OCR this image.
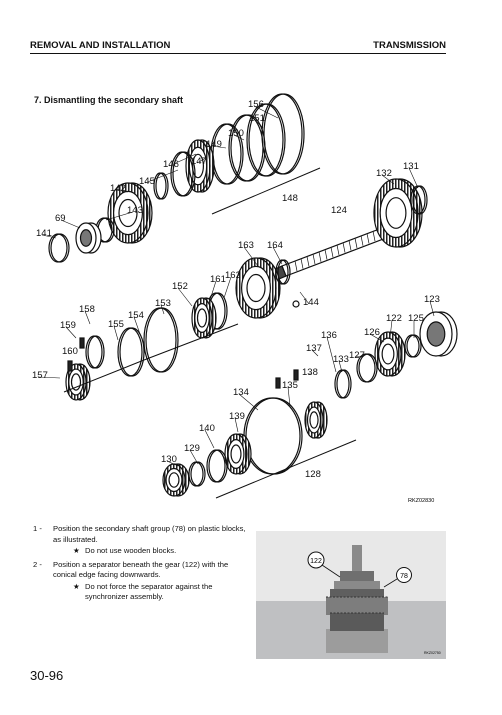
REMOVAL AND INSTALLATION	TRANSMISSION
7. Dismantling the secondary shaft	156
151
150
149
148
146 147
145
142
143
69
141
132
131
124
163 164
144
162
161
152
153
154
155
158
159
160
157
123
122 125
126
136
137
127
133
138
135
134
139
140
129
130
128
RKZ02830
1 - Position the secondary shaft group (78) on plastic blocks, as illustrated.
★ Do not use wooden blocks.
2 - Position a separator beneath the gear (122) with the conical edge facing downwards.
★ Do not force the separator against the synchronizer assembly.
122
78
RKZ02750
30-96
